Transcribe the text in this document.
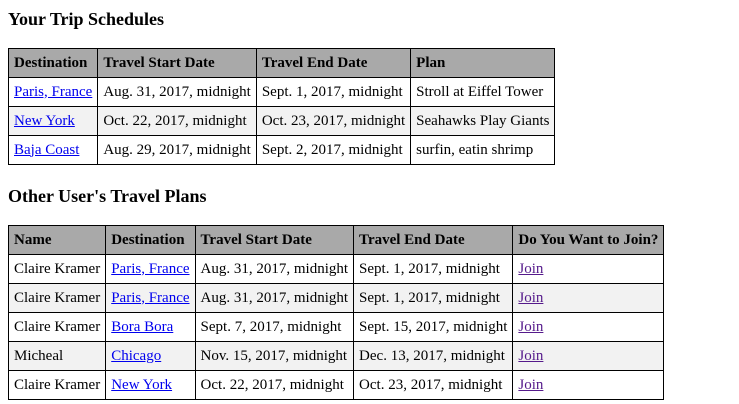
Your Trip Schedules
Destination	Travel Start Date	Travel End Date	Plan
Paris, France	Aug. 31, 2017, midnight	Sept. 1, 2017, midnight	Stroll at Eiffel Tower
New York	Oct. 22, 2017, midnight	Oct. 23, 2017, midnight	Seahawks Play Giants
Baja Coast	Aug. 29, 2017, midnight	Sept. 2, 2017, midnight	surfin, eatin shrimp
Other User's Travel Plans
Name	Destination	Travel Start Date	Travel End Date	Do You Want to Join?
Claire Kramer	Paris, France	Aug. 31, 2017, midnight	Sept. 1, 2017, midnight	Join
Claire Kramer	Paris, France	Aug. 31, 2017, midnight	Sept. 1, 2017, midnight	Join
Claire Kramer	Bora Bora	Sept. 7, 2017, midnight	Sept. 15, 2017, midnight	Join
Micheal	Chicago	Nov. 15, 2017, midnight	Dec. 13, 2017, midnight	Join
Claire Kramer	New York	Oct. 22, 2017, midnight	Oct. 23, 2017, midnight	Join
